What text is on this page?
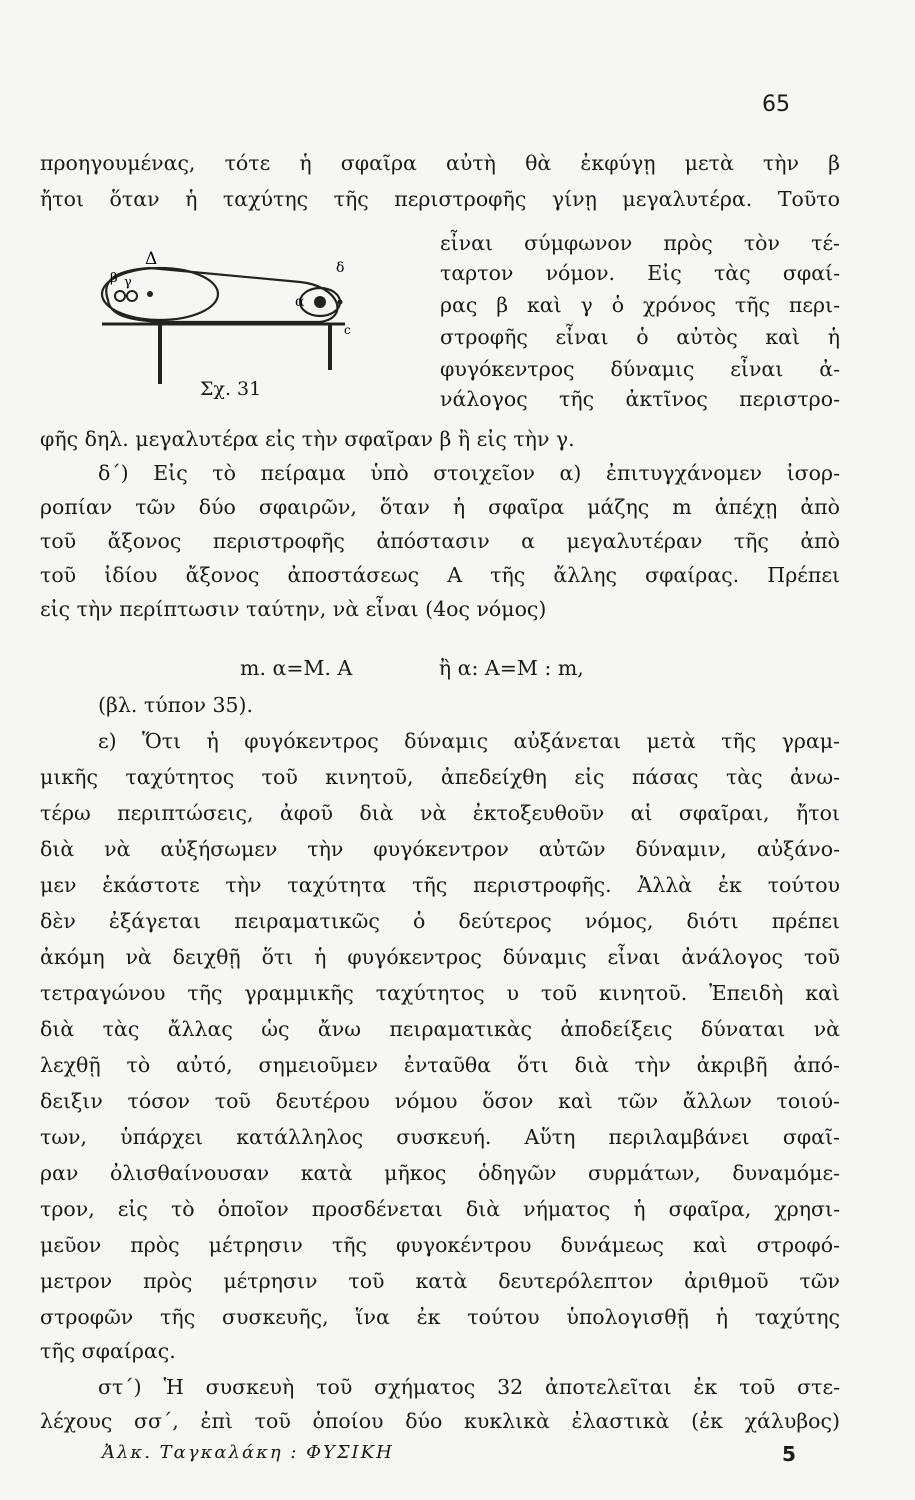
65
προηγουμένας, τότε ἡ σφαῖρα αὐτὴ θὰ ἐκφύγῃ μετὰ τὴν β
ἤτοι ὅταν ἡ ταχύτης τῆς περιστροφῆς γίνῃ μεγαλυτέρα. Τοῦτο
εἶναι σύμφωνον πρὸς τὸν τέ-
ταρτον νόμον. Εἰς τὰς σφαί-
ρας β καὶ γ ὁ χρόνος τῆς περι-
στροφῆς εἶναι ὁ αὐτὸς καὶ ἡ
φυγόκεντρος δύναμις εἶναι ἀ-
νάλογος τῆς ἀκτῖνος περιστρο-
Δ
β γ
δ
α
c
Σχ. 31
φῆς δηλ. μεγαλυτέρα εἰς τὴν σφαῖραν β ἢ εἰς τὴν γ.
δ΄) Εἰς τὸ πείραμα ὑπὸ στοιχεῖον α) ἐπιτυγχάνομεν ἰσορ-
ροπίαν τῶν δύο σφαιρῶν, ὅταν ἡ σφαῖρα μάζης m ἀπέχῃ ἀπὸ
τοῦ ἄξονος περιστροφῆς ἀπόστασιν α μεγαλυτέραν τῆς ἀπὸ
τοῦ ἰδίου ἄξονος ἀποστάσεως Α τῆς ἄλλης σφαίρας. Πρέπει
εἰς τὴν περίπτωσιν ταύτην, νὰ εἶναι (4ος νόμος)
m. α=Μ. Α	ἢ α: Α=Μ : m,
(βλ. τύπον 35).
ε) Ὅτι ἡ φυγόκεντρος δύναμις αὐξάνεται μετὰ τῆς γραμ-
μικῆς ταχύτητος τοῦ κινητοῦ, ἀπεδείχθη εἰς πάσας τὰς ἀνω-
τέρω περιπτώσεις, ἀφοῦ διὰ νὰ ἐκτοξευθοῦν αἱ σφαῖραι, ἤτοι
διὰ νὰ αὐξήσωμεν τὴν φυγόκεντρον αὐτῶν δύναμιν, αὐξάνο-
μεν ἑκάστοτε τὴν ταχύτητα τῆς περιστροφῆς. Ἀλλὰ ἐκ τούτου
δὲν ἐξάγεται πειραματικῶς ὁ δεύτερος νόμος, διότι πρέπει
ἀκόμη νὰ δειχθῇ ὅτι ἡ φυγόκεντρος δύναμις εἶναι ἀνάλογος τοῦ
τετραγώνου τῆς γραμμικῆς ταχύτητος υ τοῦ κινητοῦ. Ἐπειδὴ καὶ
διὰ τὰς ἄλλας ὡς ἄνω πειραματικὰς ἀποδείξεις δύναται νὰ
λεχθῇ τὸ αὐτό, σημειοῦμεν ἐνταῦθα ὅτι διὰ τὴν ἀκριβῆ ἀπό-
δειξιν τόσον τοῦ δευτέρου νόμου ὅσον καὶ τῶν ἄλλων τοιού-
των, ὑπάρχει κατάλληλος συσκευή. Αὕτη περιλαμβάνει σφαῖ-
ραν ὀλισθαίνουσαν κατὰ μῆκος ὁδηγῶν συρμάτων, δυναμόμε-
τρον, εἰς τὸ ὁποῖον προσδένεται διὰ νήματος ἡ σφαῖρα, χρησι-
μεῦον πρὸς μέτρησιν τῆς φυγοκέντρου δυνάμεως καὶ στροφό-
μετρον πρὸς μέτρησιν τοῦ κατὰ δευτερόλεπτον ἀριθμοῦ τῶν
στροφῶν τῆς συσκευῆς, ἵνα ἐκ τούτου ὑπολογισθῇ ἡ ταχύτης
τῆς σφαίρας.
στ΄) Ἡ συσκευὴ τοῦ σχήματος 32 ἀποτελεῖται ἐκ τοῦ στε-
λέχους σσ΄, ἐπὶ τοῦ ὁποίου δύο κυκλικὰ ἐλαστικὰ (ἐκ χάλυβος)
Ἀλκ. Ταγκαλάκη : ΦΥΣΙΚΗ	5
